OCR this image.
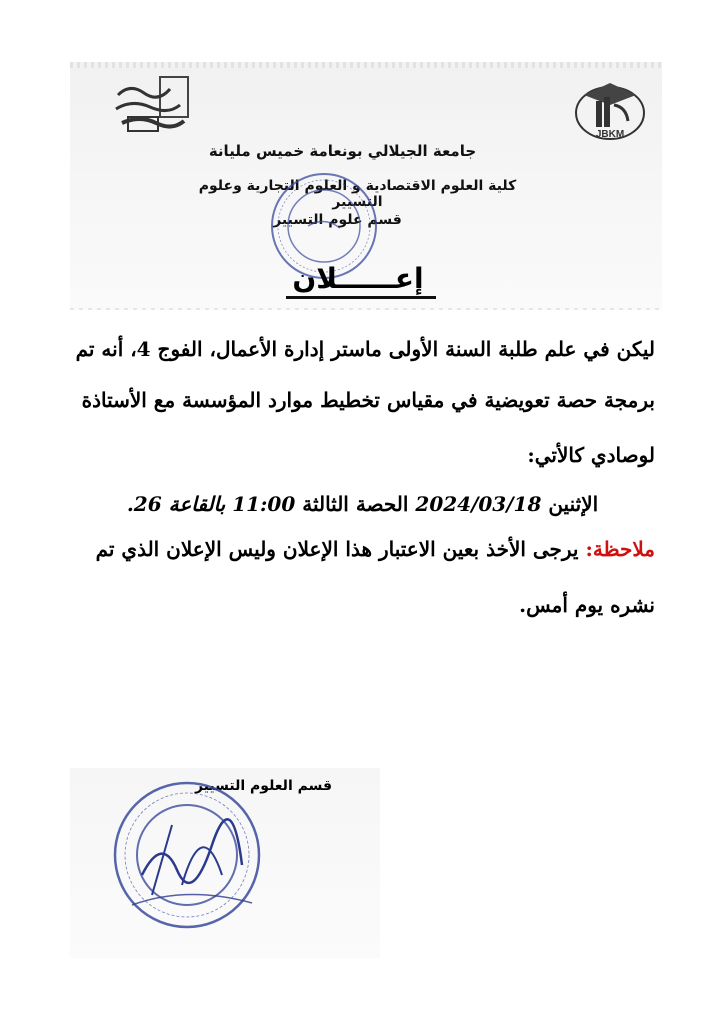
JBKM
جامعة الجيلالي بونعامة خميس مليانة
كلية العلوم الاقتصادية و العلوم التجارية وعلوم التسيير
قسم علوم التسيير
إعــــــلان
ليكن في علم طلبة السنة الأولى ماستر إدارة الأعمال، الفوج 4، أنه تم
برمجة حصة تعويضية في مقياس تخطيط موارد المؤسسة مع الأستاذة
لوصادي كالأتي:
الإثنين 2024/03/18 الحصة الثالثة 11:00 بالقاعة 26.
ملاحظة: يرجى الأخذ بعين الاعتبار هذا الإعلان وليس الإعلان الذي تم
نشره يوم أمس.
قسم العلوم التسيير
